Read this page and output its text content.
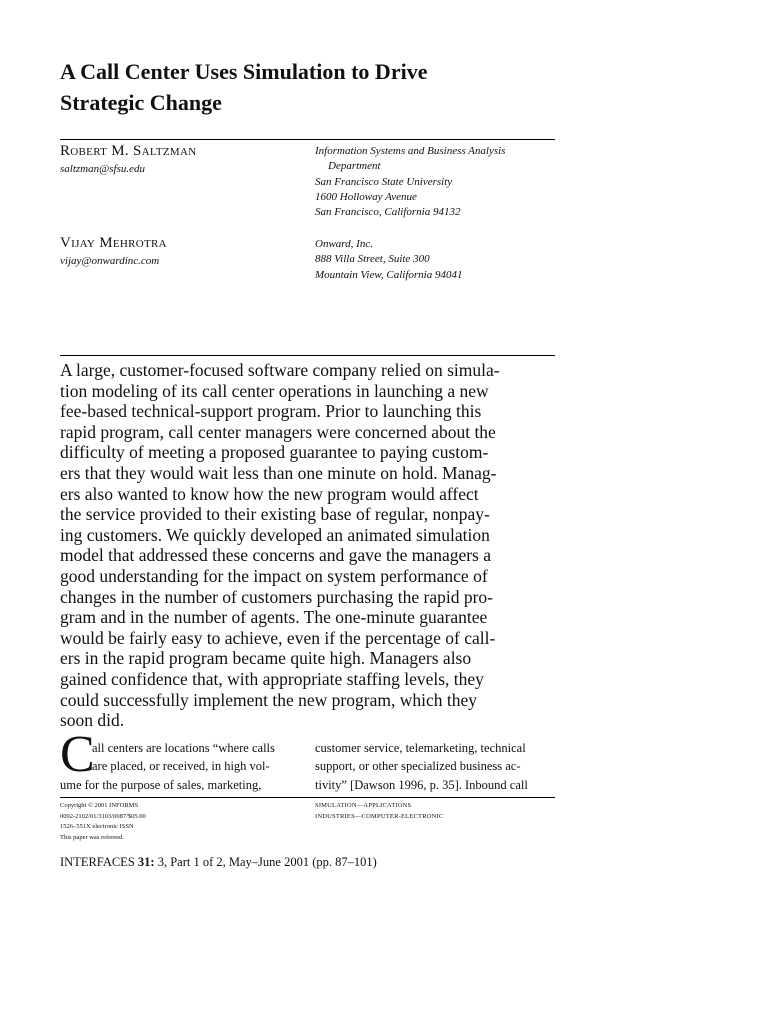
A Call Center Uses Simulation to Drive
Strategic Change
Robert M. Saltzman
saltzman@sfsu.edu
Information Systems and Business Analysis
Department
San Francisco State University
1600 Holloway Avenue
San Francisco, California 94132
Vijay Mehrotra
vijay@onwardinc.com
Onward, Inc.
888 Villa Street, Suite 300
Mountain View, California 94041
A large, customer-focused software company relied on simula-
tion modeling of its call center operations in launching a new
fee-based technical-support program. Prior to launching this
rapid program, call center managers were concerned about the
difficulty of meeting a proposed guarantee to paying custom-
ers that they would wait less than one minute on hold. Manag-
ers also wanted to know how the new program would affect
the service provided to their existing base of regular, nonpay-
ing customers. We quickly developed an animated simulation
model that addressed these concerns and gave the managers a
good understanding for the impact on system performance of
changes in the number of customers purchasing the rapid pro-
gram and in the number of agents. The one-minute guarantee
would be fairly easy to achieve, even if the percentage of call-
ers in the rapid program became quite high. Managers also
gained confidence that, with appropriate staffing levels, they
could successfully implement the new program, which they
soon did.
C
all centers are locations “where calls
are placed, or received, in high vol-
ume for the purpose of sales, marketing,
customer service, telemarketing, technical
support, or other specialized business ac-
tivity” [Dawson 1996, p. 35]. Inbound call
Copyright © 2001 INFORMS
0092-2102/01/3103/0087/$05.00
1526–551X electronic ISSN
This paper was refereed.
SIMULATION—APPLICATIONS
INDUSTRIES—COMPUTER-ELECTRONIC
INTERFACES 31: 3, Part 1 of 2, May–June 2001 (pp. 87–101)
